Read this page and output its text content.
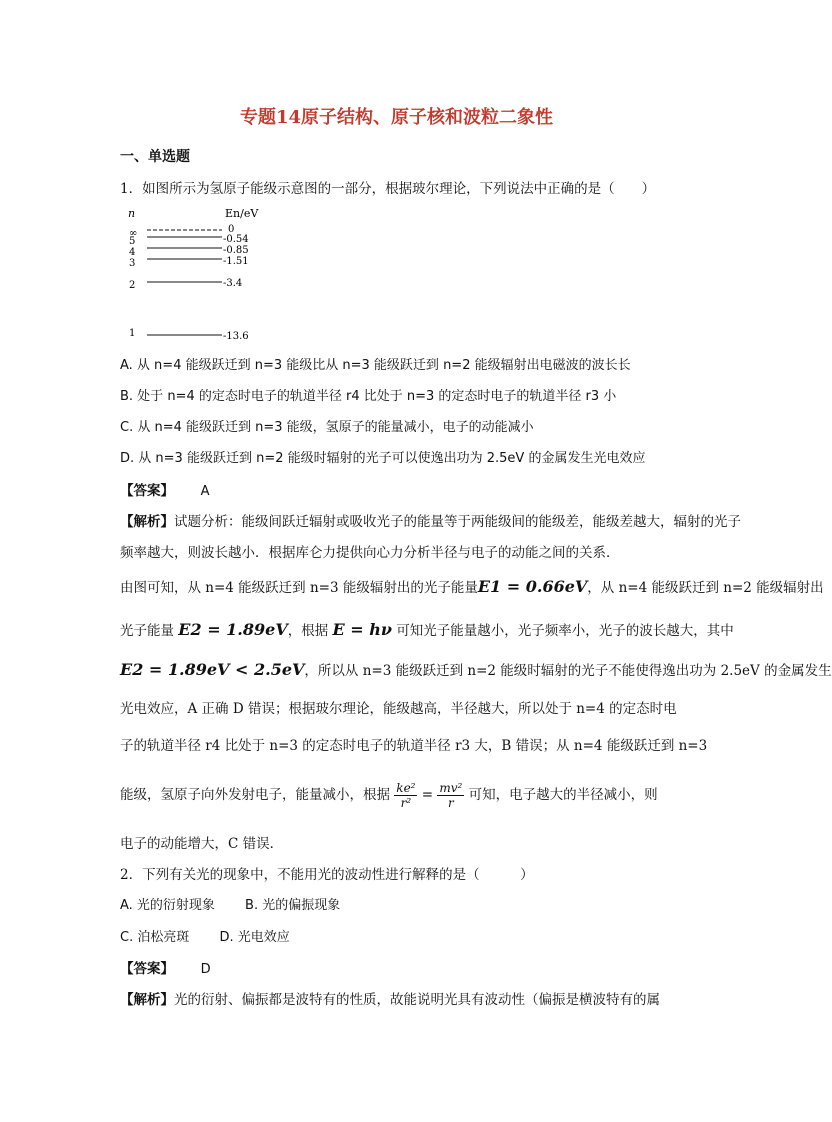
专题14原子结构、原子核和波粒二象性
一、单选题
1．如图所示为氢原子能级示意图的一部分，根据玻尔理论，下列说法中正确的是（　　）
n	En/eV
∞
5
4
3
2
1
0
-0.54
-0.85
-1.51
-3.4
-13.6
A. 从 n=4 能级跃迁到 n=3 能级比从 n=3 能级跃迁到 n=2 能级辐射出电磁波的波长长
B. 处于 n=4 的定态时电子的轨道半径 r4 比处于 n=3 的定态时电子的轨道半径 r3 小
C. 从 n=4 能级跃迁到 n=3 能级，氢原子的能量减小，电子的动能减小
D. 从 n=3 能级跃迁到 n=2 能级时辐射的光子可以使逸出功为 2.5eV 的金属发生光电效应
【答案】 A
【解析】试题分析：能级间跃迁辐射或吸收光子的能量等于两能级间的能级差，能级差越大，辐射的光子
频率越大，则波长越小．根据库仑力提供向心力分析半径与电子的动能之间的关系．
由图可知，从 n=4 能级跃迁到 n=3 能级辐射出的光子能量E1 = 0.66eV，从 n=4 能级跃迁到 n=2 能级辐射出
光子能量 E2 = 1.89eV，根据 E = hν 可知光子能量越小，光子频率小，光子的波长越大，其中
E2 = 1.89eV < 2.5eV，所以从 n=3 能级跃迁到 n=2 能级时辐射的光子不能使得逸出功为 2.5eV 的金属发生
光电效应，A 正确 D 错误；根据玻尔理论，能级越高，半径越大，所以处于 n=4 的定态时电
子的轨道半径 r4 比处于 n=3 的定态时电子的轨道半径 r3 大，B 错误；从 n=4 能级跃迁到 n=3
能级，氢原子向外发射电子，能量减小，根据 $\frac{\text{ke²}}{\text{r²}} = \frac{\text{mv²}}{r}$ 可知，电子越大的半径减小，则
电子的动能增大，C 错误．
2．下列有关光的现象中，不能用光的波动性进行解释的是（　　　）
A. 光的衍射现象　　 B. 光的偏振现象
C. 泊松亮斑　　 D. 光电效应
【答案】 D
【解析】光的衍射、偏振都是波特有的性质，故能说明光具有波动性（偏振是横波特有的属
